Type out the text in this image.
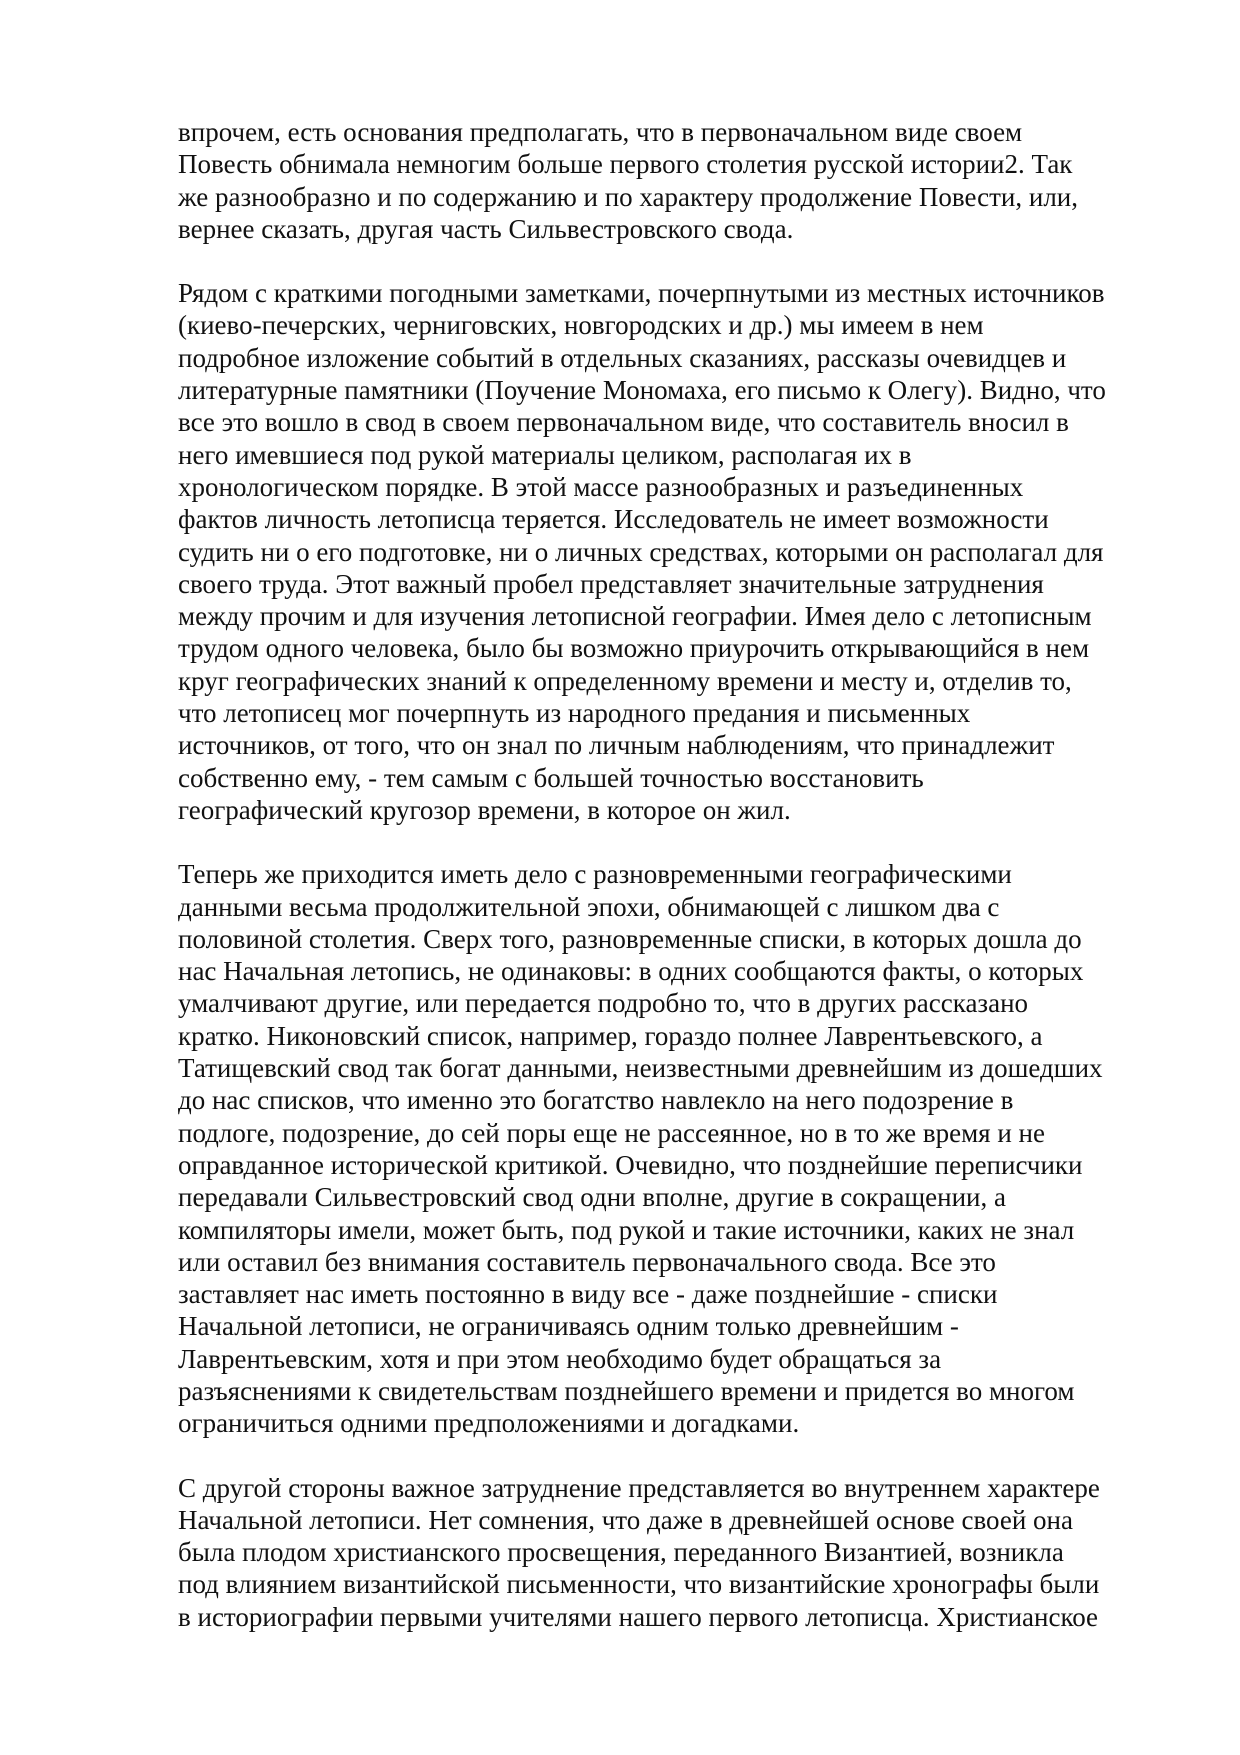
впрочем, есть основания предполагать, что в первоначальном виде своем
Повесть обнимала немногим больше первого столетия русской истории2. Так
же разнообразно и по содержанию и по характеру продолжение Повести, или,
вернее сказать, другая часть Сильвестровского свода.

Рядом с краткими погодными заметками, почерпнутыми из местных источников
(киево-печерских, черниговских, новгородских и др.) мы имеем в нем
подробное изложение событий в отдельных сказаниях, рассказы очевидцев и
литературные памятники (Поучение Мономаха, его письмо к Олегу). Видно, что
все это вошло в свод в своем первоначальном виде, что составитель вносил в
него имевшиеся под рукой материалы целиком, располагая их в
хронологическом порядке. В этой массе разнообразных и разъединенных
фактов личность летописца теряется. Исследователь не имеет возможности
судить ни о его подготовке, ни о личных средствах, которыми он располагал для
своего труда. Этот важный пробел представляет значительные затруднения
между прочим и для изучения летописной географии. Имея дело с летописным
трудом одного человека, было бы возможно приурочить открывающийся в нем
круг географических знаний к определенному времени и месту и, отделив то,
что летописец мог почерпнуть из народного предания и письменных
источников, от того, что он знал по личным наблюдениям, что принадлежит
собственно ему, - тем самым с большей точностью восстановить
географический кругозор времени, в которое он жил.

Теперь же приходится иметь дело с разновременными географическими
данными весьма продолжительной эпохи, обнимающей с лишком два с
половиной столетия. Сверх того, разновременные списки, в которых дошла до
нас Начальная летопись, не одинаковы: в одних сообщаются факты, о которых
умалчивают другие, или передается подробно то, что в других рассказано
кратко. Никоновский список, например, гораздо полнее Лаврентьевского, а
Татищевский свод так богат данными, неизвестными древнейшим из дошедших
до нас списков, что именно это богатство навлекло на него подозрение в
подлоге, подозрение, до сей поры еще не рассеянное, но в то же время и не
оправданное исторической критикой. Очевидно, что позднейшие переписчики
передавали Сильвестровский свод одни вполне, другие в сокращении, а
компиляторы имели, может быть, под рукой и такие источники, каких не знал
или оставил без внимания составитель первоначального свода. Все это
заставляет нас иметь постоянно в виду все - даже позднейшие - списки
Начальной летописи, не ограничиваясь одним только древнейшим -
Лаврентьевским, хотя и при этом необходимо будет обращаться за
разъяснениями к свидетельствам позднейшего времени и придется во многом
ограничиться одними предположениями и догадками.

С другой стороны важное затруднение представляется во внутреннем характере
Начальной летописи. Нет сомнения, что даже в древнейшей основе своей она
была плодом христианского просвещения, переданного Византией, возникла
под влиянием византийской письменности, что византийские хронографы были
в историографии первыми учителями нашего первого летописца. Христианское
